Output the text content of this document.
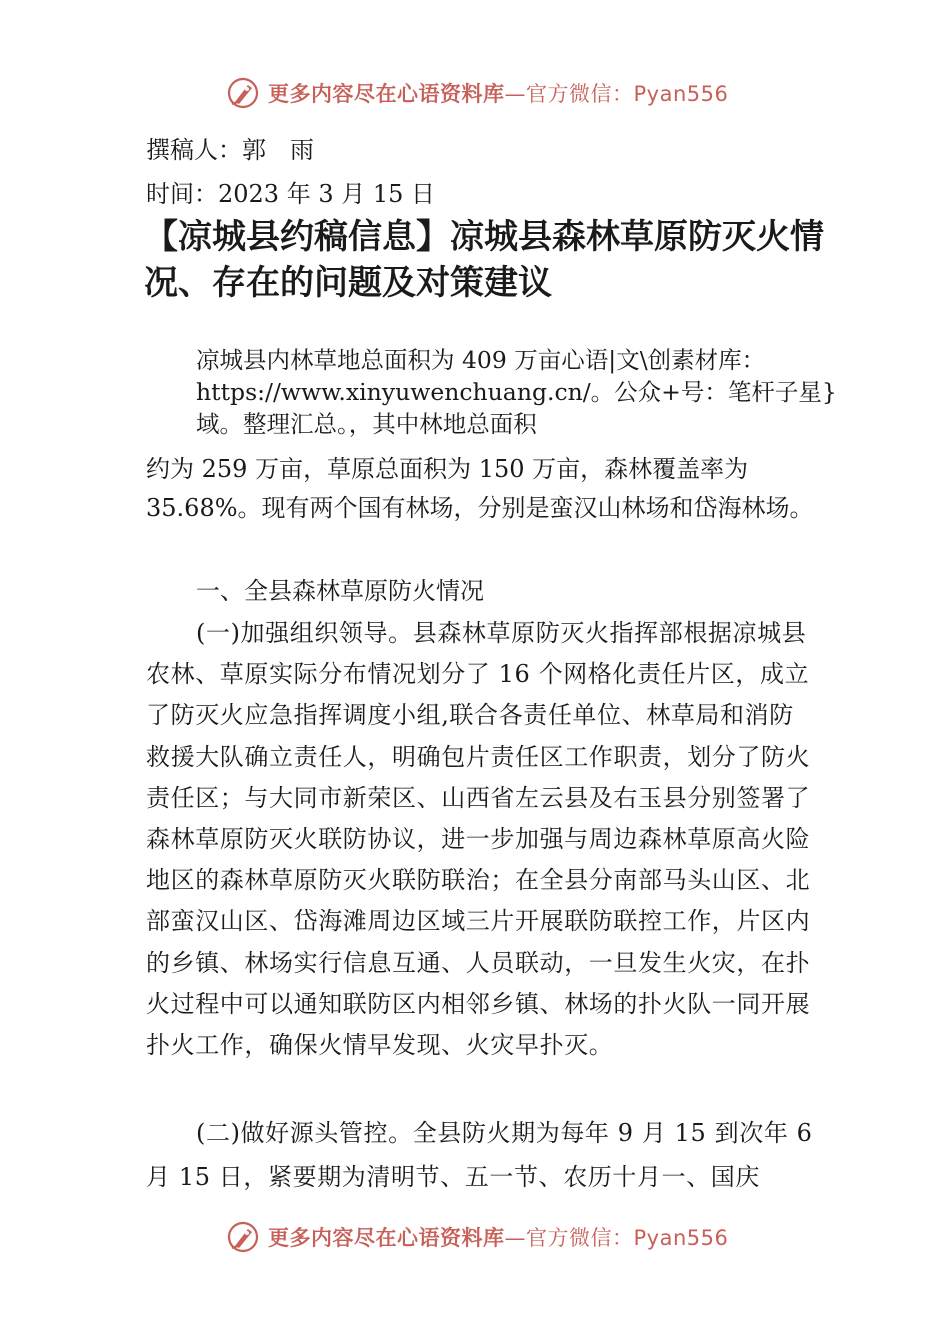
更多内容尽在心语资料库—官方微信：Pyan556
撰稿人：郭　雨
时间：2023 年 3 月 15 日
【凉城县约稿信息】凉城县森林草原防灭火情况、存在的问题及对策建议

凉城县内林草地总面积为 409 万亩心语|文\创素材库：https://www.xinyuwenchuang.cn/。公众+号：笔杆子星}域。整理汇总。，其中林地总面积

约为 259 万亩，草原总面积为 150 万亩，森林覆盖率为 35.68%。现有两个国有林场，分别是蛮汉山林场和岱海林场。

一、全县森林草原防火情况

(一)加强组织领导。县森林草原防灭火指挥部根据凉城县农林、草原实际分布情况划分了 16 个网格化责任片区，成立了防灭火应急指挥调度小组,联合各责任单位、林草局和消防救援大队确立责任人，明确包片责任区工作职责，划分了防火责任区；与大同市新荣区、山西省左云县及右玉县分别签署了森林草原防灭火联防协议，进一步加强与周边森林草原高火险地区的森林草原防灭火联防联治；在全县分南部马头山区、北部蛮汉山区、岱海滩周边区域三片开展联防联控工作，片区内的乡镇、林场实行信息互通、人员联动，一旦发生火灾，在扑火过程中可以通知联防区内相邻乡镇、林场的扑火队一同开展扑火工作，确保火情早发现、火灾早扑灭。

(二)做好源头管控。全县防火期为每年 9 月 15 到次年 6 月 15 日，紧要期为清明节、五一节、农历十月一、国庆

更多内容尽在心语资料库—官方微信：Pyan556
